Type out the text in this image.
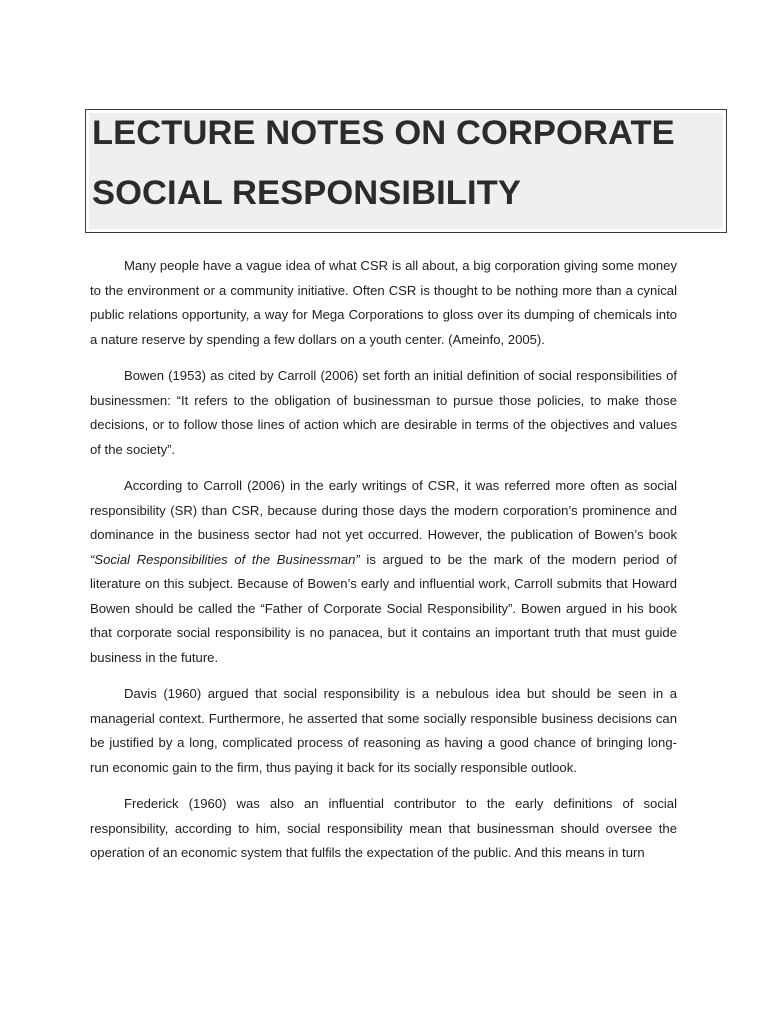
LECTURE NOTES ON CORPORATE
SOCIAL RESPONSIBILITY

Many people have a vague idea of what CSR is all about, a big corporation giving some money to the environment or a community initiative. Often CSR is thought to be nothing more than a cynical public relations opportunity, a way for Mega Corporations to gloss over its dumping of chemicals into a nature reserve by spending a few dollars on a youth center. (Ameinfo, 2005).

Bowen (1953) as cited by Carroll (2006) set forth an initial definition of social responsibilities of businessmen: “It refers to the obligation of businessman to pursue those policies, to make those decisions, or to follow those lines of action which are desirable in terms of the objectives and values of the society”.

According to Carroll (2006) in the early writings of CSR, it was referred more often as social responsibility (SR) than CSR, because during those days the modern corporation’s prominence and dominance in the business sector had not yet occurred. However, the publication of Bowen’s book “Social Responsibilities of the Businessman” is argued to be the mark of the modern period of literature on this subject. Because of Bowen’s early and influential work, Carroll submits that Howard Bowen should be called the “Father of Corporate Social Responsibility”. Bowen argued in his book that corporate social responsibility is no panacea, but it contains an important truth that must guide business in the future.

Davis (1960) argued that social responsibility is a nebulous idea but should be seen in a managerial context. Furthermore, he asserted that some socially responsible business decisions can be justified by a long, complicated process of reasoning as having a good chance of bringing long-run economic gain to the firm, thus paying it back for its socially responsible outlook.

Frederick (1960) was also an influential contributor to the early definitions of social responsibility, according to him, social responsibility mean that businessman should oversee the operation of an economic system that fulfils the expectation of the public. And this means in turn
